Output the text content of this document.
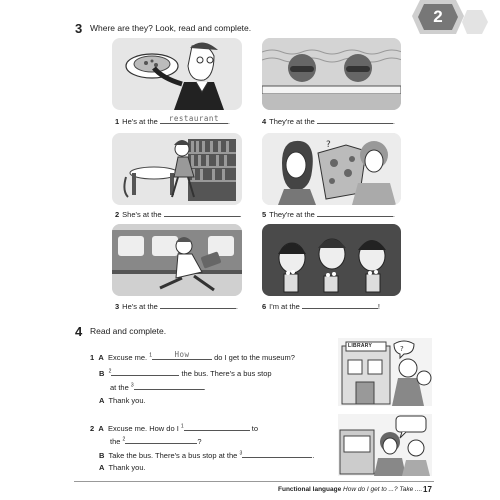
2
3 Where are they? Look, read and complete.
1 He's at the	restaurant	.	4 They're at the	.
?
2 She's at the	.	5 They're at the	.
3 He's at the	.	6 I'm at the	!
4 Read and complete.
1 A Excuse me. $^1$	How	do I get to the museum?
B $^2$	the bus. There's a bus stop
at the $^3$	.
A Thank you.
?
LIBRARY
2 A Excuse me. How do I $^1$	to
the $^2$	?
B Take the bus. There's a bus stop at the $^3$	.
A Thank you.
Functional language How do I get to ...? Take .... 17
